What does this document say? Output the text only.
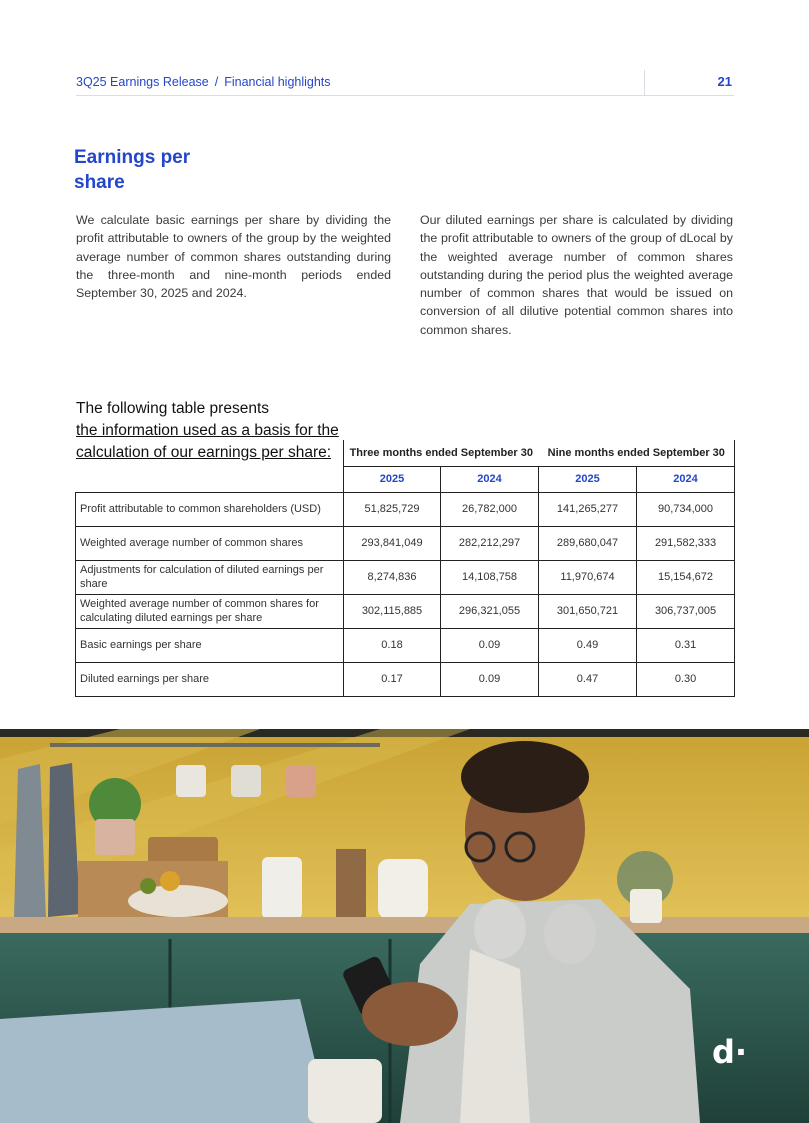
3Q25 Earnings Release / Financial highlights	21
Earnings per
share

We calculate basic earnings per share by dividing the profit attributable to owners of the group by the weighted average number of common shares outstanding during the three-month and nine-month periods ended September 30, 2025 and 2024.

Our diluted earnings per share is calculated by dividing the profit attributable to owners of the group of dLocal by the weighted average number of common shares outstanding during the period plus the weighted average number of common shares that would be issued on conversion of all dilutive potential common shares into common shares.

The following table presents
the information used as a basis for the
calculation of our earnings per share:
		Three months ended September 30		Nine months ended September 30	
	2025	2024	2025	2024
Profit attributable to common shareholders (USD)	51,825,729	26,782,000	141,265,277	90,734,000
Weighted average number of common shares	293,841,049	282,212,297	289,680,047	291,582,333
Adjustments for calculation of diluted earnings per share	8,274,836	14,108,758	11,970,674	15,154,672
Weighted average number of common shares for calculating diluted earnings per share	302,115,885	296,321,055	301,650,721	306,737,005
Basic earnings per share	0.18	0.09	0.49	0.31
Diluted earnings per share	0.17	0.09	0.47	0.30
d·
